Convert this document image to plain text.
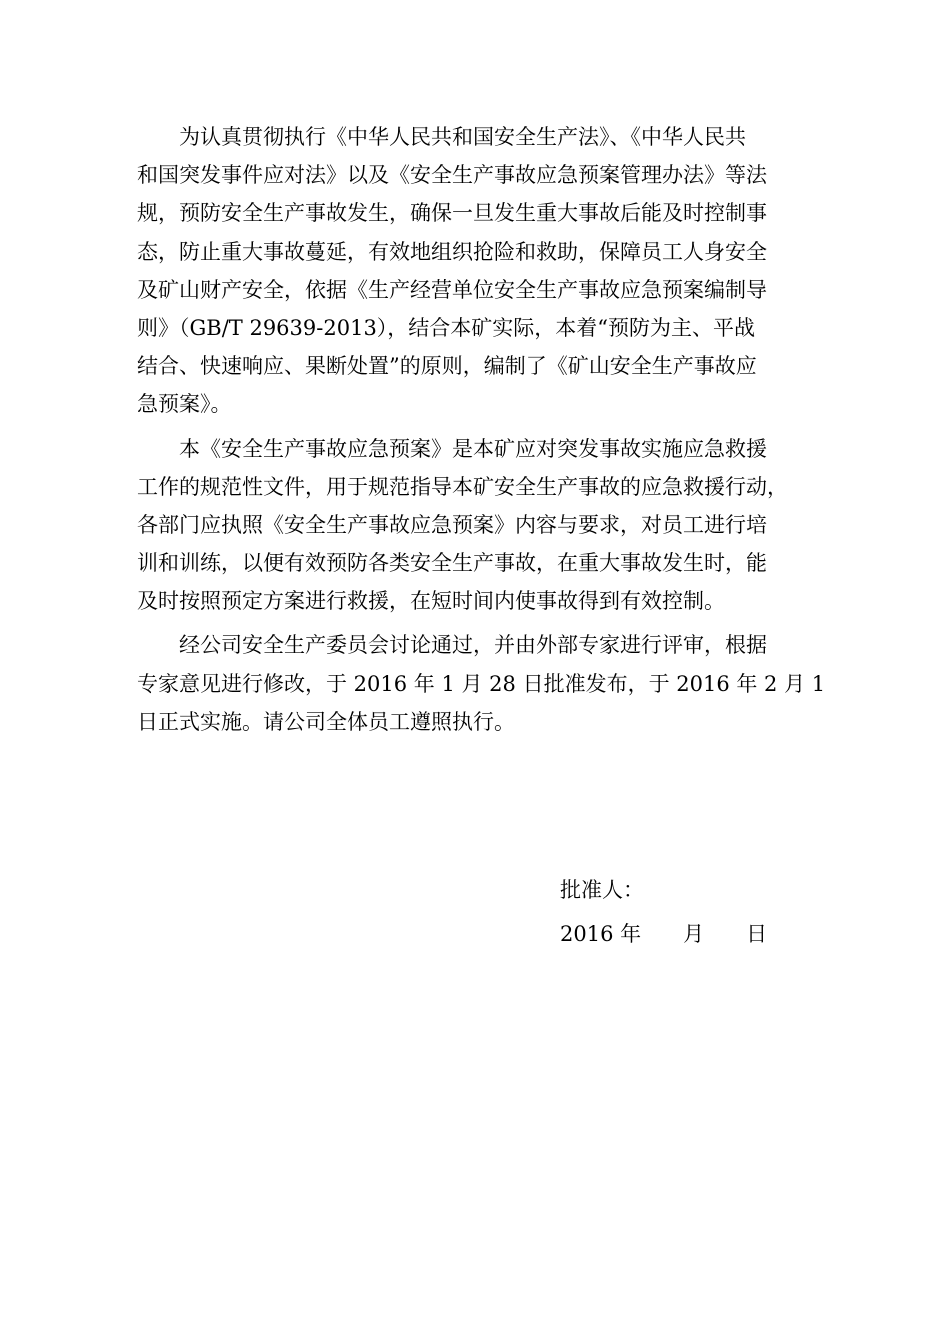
　　为认真贯彻执行《中华人民共和国安全生产法》、《中华人民共
和国突发事件应对法》以及《安全生产事故应急预案管理办法》等法
规，预防安全生产事故发生，确保一旦发生重大事故后能及时控制事
态，防止重大事故蔓延，有效地组织抢险和救助，保障员工人身安全
及矿山财产安全，依据《生产经营单位安全生产事故应急预案编制导
则》（GB/T 29639-2013），结合本矿实际，本着“预防为主、平战
结合、快速响应、果断处置”的原则，编制了《矿山安全生产事故应
急预案》。
　　本《安全生产事故应急预案》是本矿应对突发事故实施应急救援
工作的规范性文件，用于规范指导本矿安全生产事故的应急救援行动，
各部门应执照《安全生产事故应急预案》内容与要求，对员工进行培
训和训练，以便有效预防各类安全生产事故，在重大事故发生时，能
及时按照预定方案进行救援，在短时间内使事故得到有效控制。
　　经公司安全生产委员会讨论通过，并由外部专家进行评审，根据
专家意见进行修改，于 2016 年 1 月 28 日批准发布，于 2016 年 2 月 1
日正式实施。请公司全体员工遵照执行。
批准人：
2016 年　　月　　日
